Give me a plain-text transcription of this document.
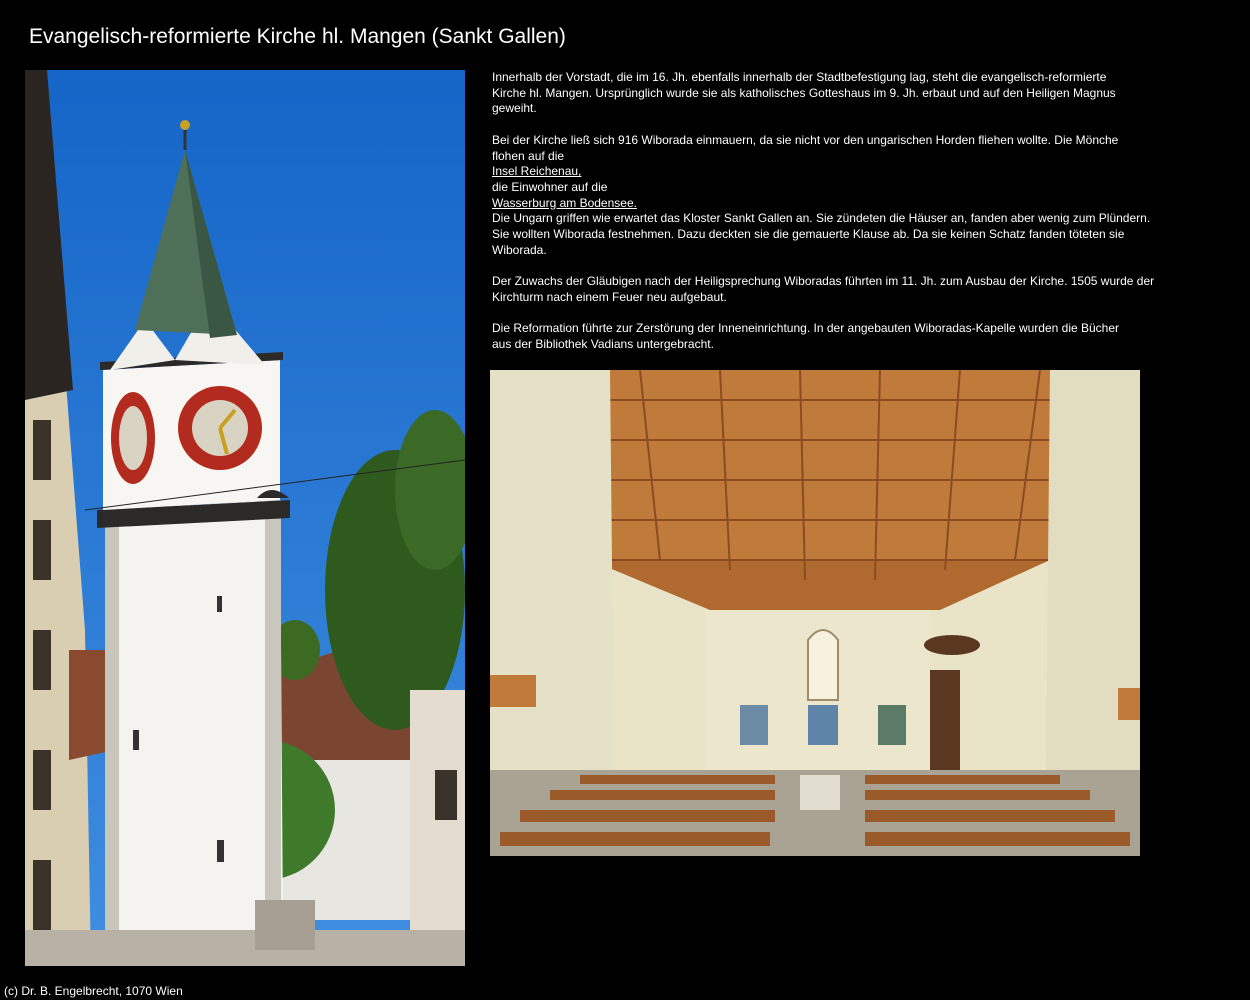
Evangelisch-reformierte Kirche hl. Mangen (Sankt Gallen)
Innerhalb der Vorstadt, die im 16. Jh. ebenfalls innerhalb der Stadtbefestigung lag, steht die evangelisch-reformierte
Kirche hl. Mangen. Ursprünglich wurde sie als katholisches Gotteshaus im 9. Jh. erbaut und auf den Heiligen Magnus
geweiht.
Bei der Kirche ließ sich 916 Wiborada einmauern, da sie nicht vor den ungarischen Horden fliehen wollte. Die Mönche
flohen auf die
Insel Reichenau,
die Einwohner auf die
Wasserburg am Bodensee.
Die Ungarn griffen wie erwartet das Kloster Sankt Gallen an. Sie zündeten die Häuser an, fanden aber wenig zum Plündern.
Sie wollten Wiborada festnehmen. Dazu deckten sie die gemauerte Klause ab. Da sie keinen Schatz fanden töteten sie
Wiborada.
Der Zuwachs der Gläubigen nach der Heiligsprechung Wiboradas führten im 11. Jh. zum Ausbau der Kirche. 1505 wurde der
Kirchturm nach einem Feuer neu aufgebaut.
Die Reformation führte zur Zerstörung der Inneneinrichtung. In der angebauten Wiboradas-Kapelle wurden die Bücher
aus der Bibliothek Vadians untergebracht.
(c) Dr. B. Engelbrecht, 1070 Wien
